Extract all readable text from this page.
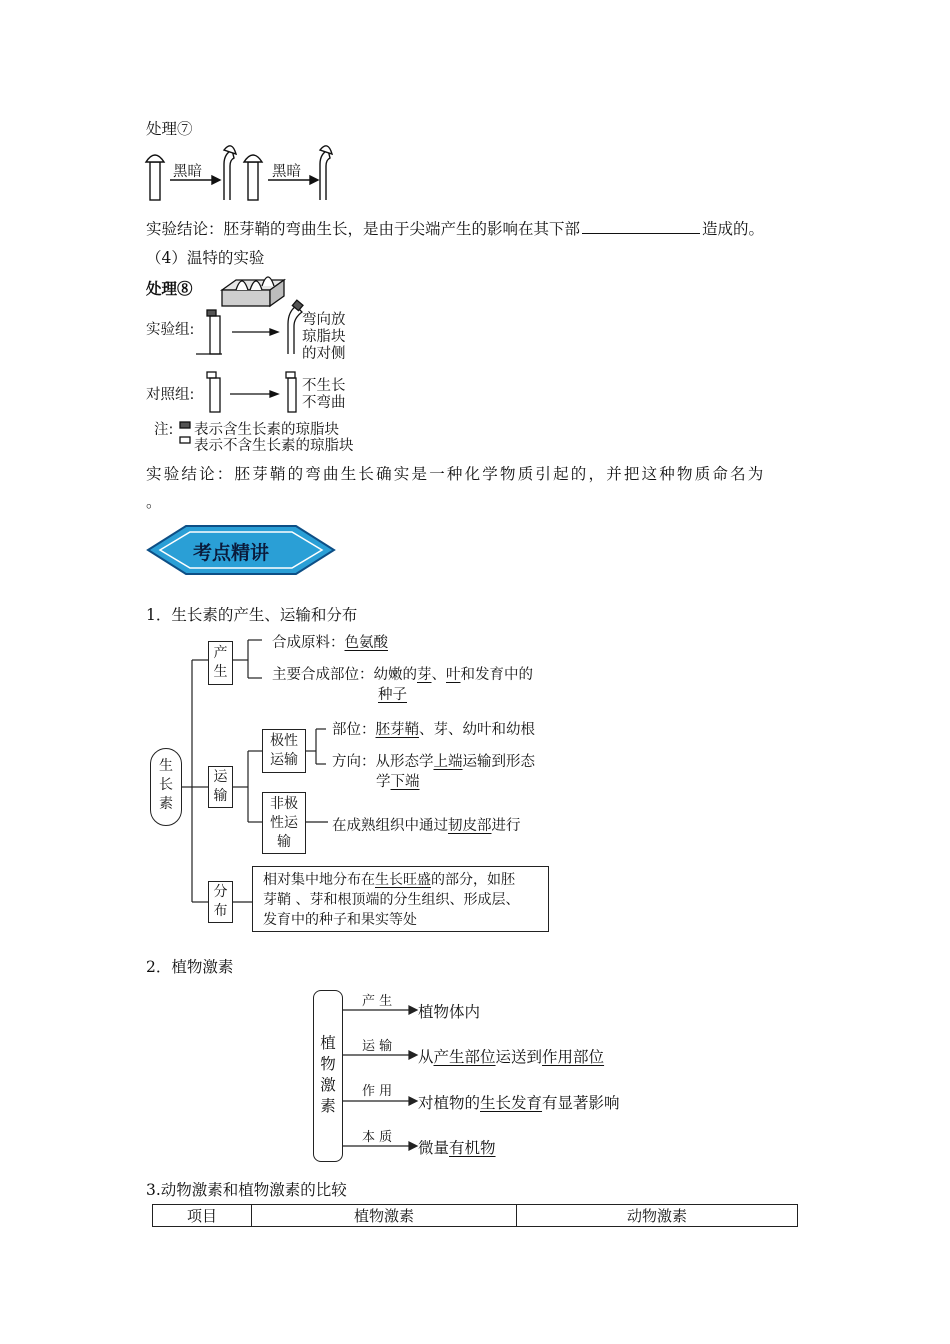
处理⑦
黑暗	黑暗
实验结论：胚芽鞘的弯曲生长，是由于尖端产生的影响在其下部	造成的。
（4）温特的实验
处理⑧
实验组:
弯向放
琼脂块
的对侧
对照组:
不生长
不弯曲
注: 表示含生长素的琼脂块
表示不含生长素的琼脂块
实验结论：胚芽鞘的弯曲生长确实是一种化学物质引起的，并把这种物质命名为
。
考点精讲
1．生长素的产生、运输和分布
生
长
素
产
生
合成原料：色氨酸
主要合成部位：幼嫩的芽、叶和发育中的
种子
运
输
极性
运输
部位：胚芽鞘、芽、幼叶和幼根
方向：从形态学上端运输到形态
学下端
非极
性运
输
在成熟组织中通过韧皮部进行
分
布
相对集中地分布在生长旺盛的部分，如胚
芽鞘 、芽和根顶端的分生组织、形成层、
发育中的种子和果实等处
2．植物激素
植
物
激
素
产 生
运 输
作 用
本 质
植物体内
从产生部位运送到作用部位
对植物的生长发育有显著影响
微量有机物
3.动物激素和植物激素的比较
项目	植物激素	动物激素
